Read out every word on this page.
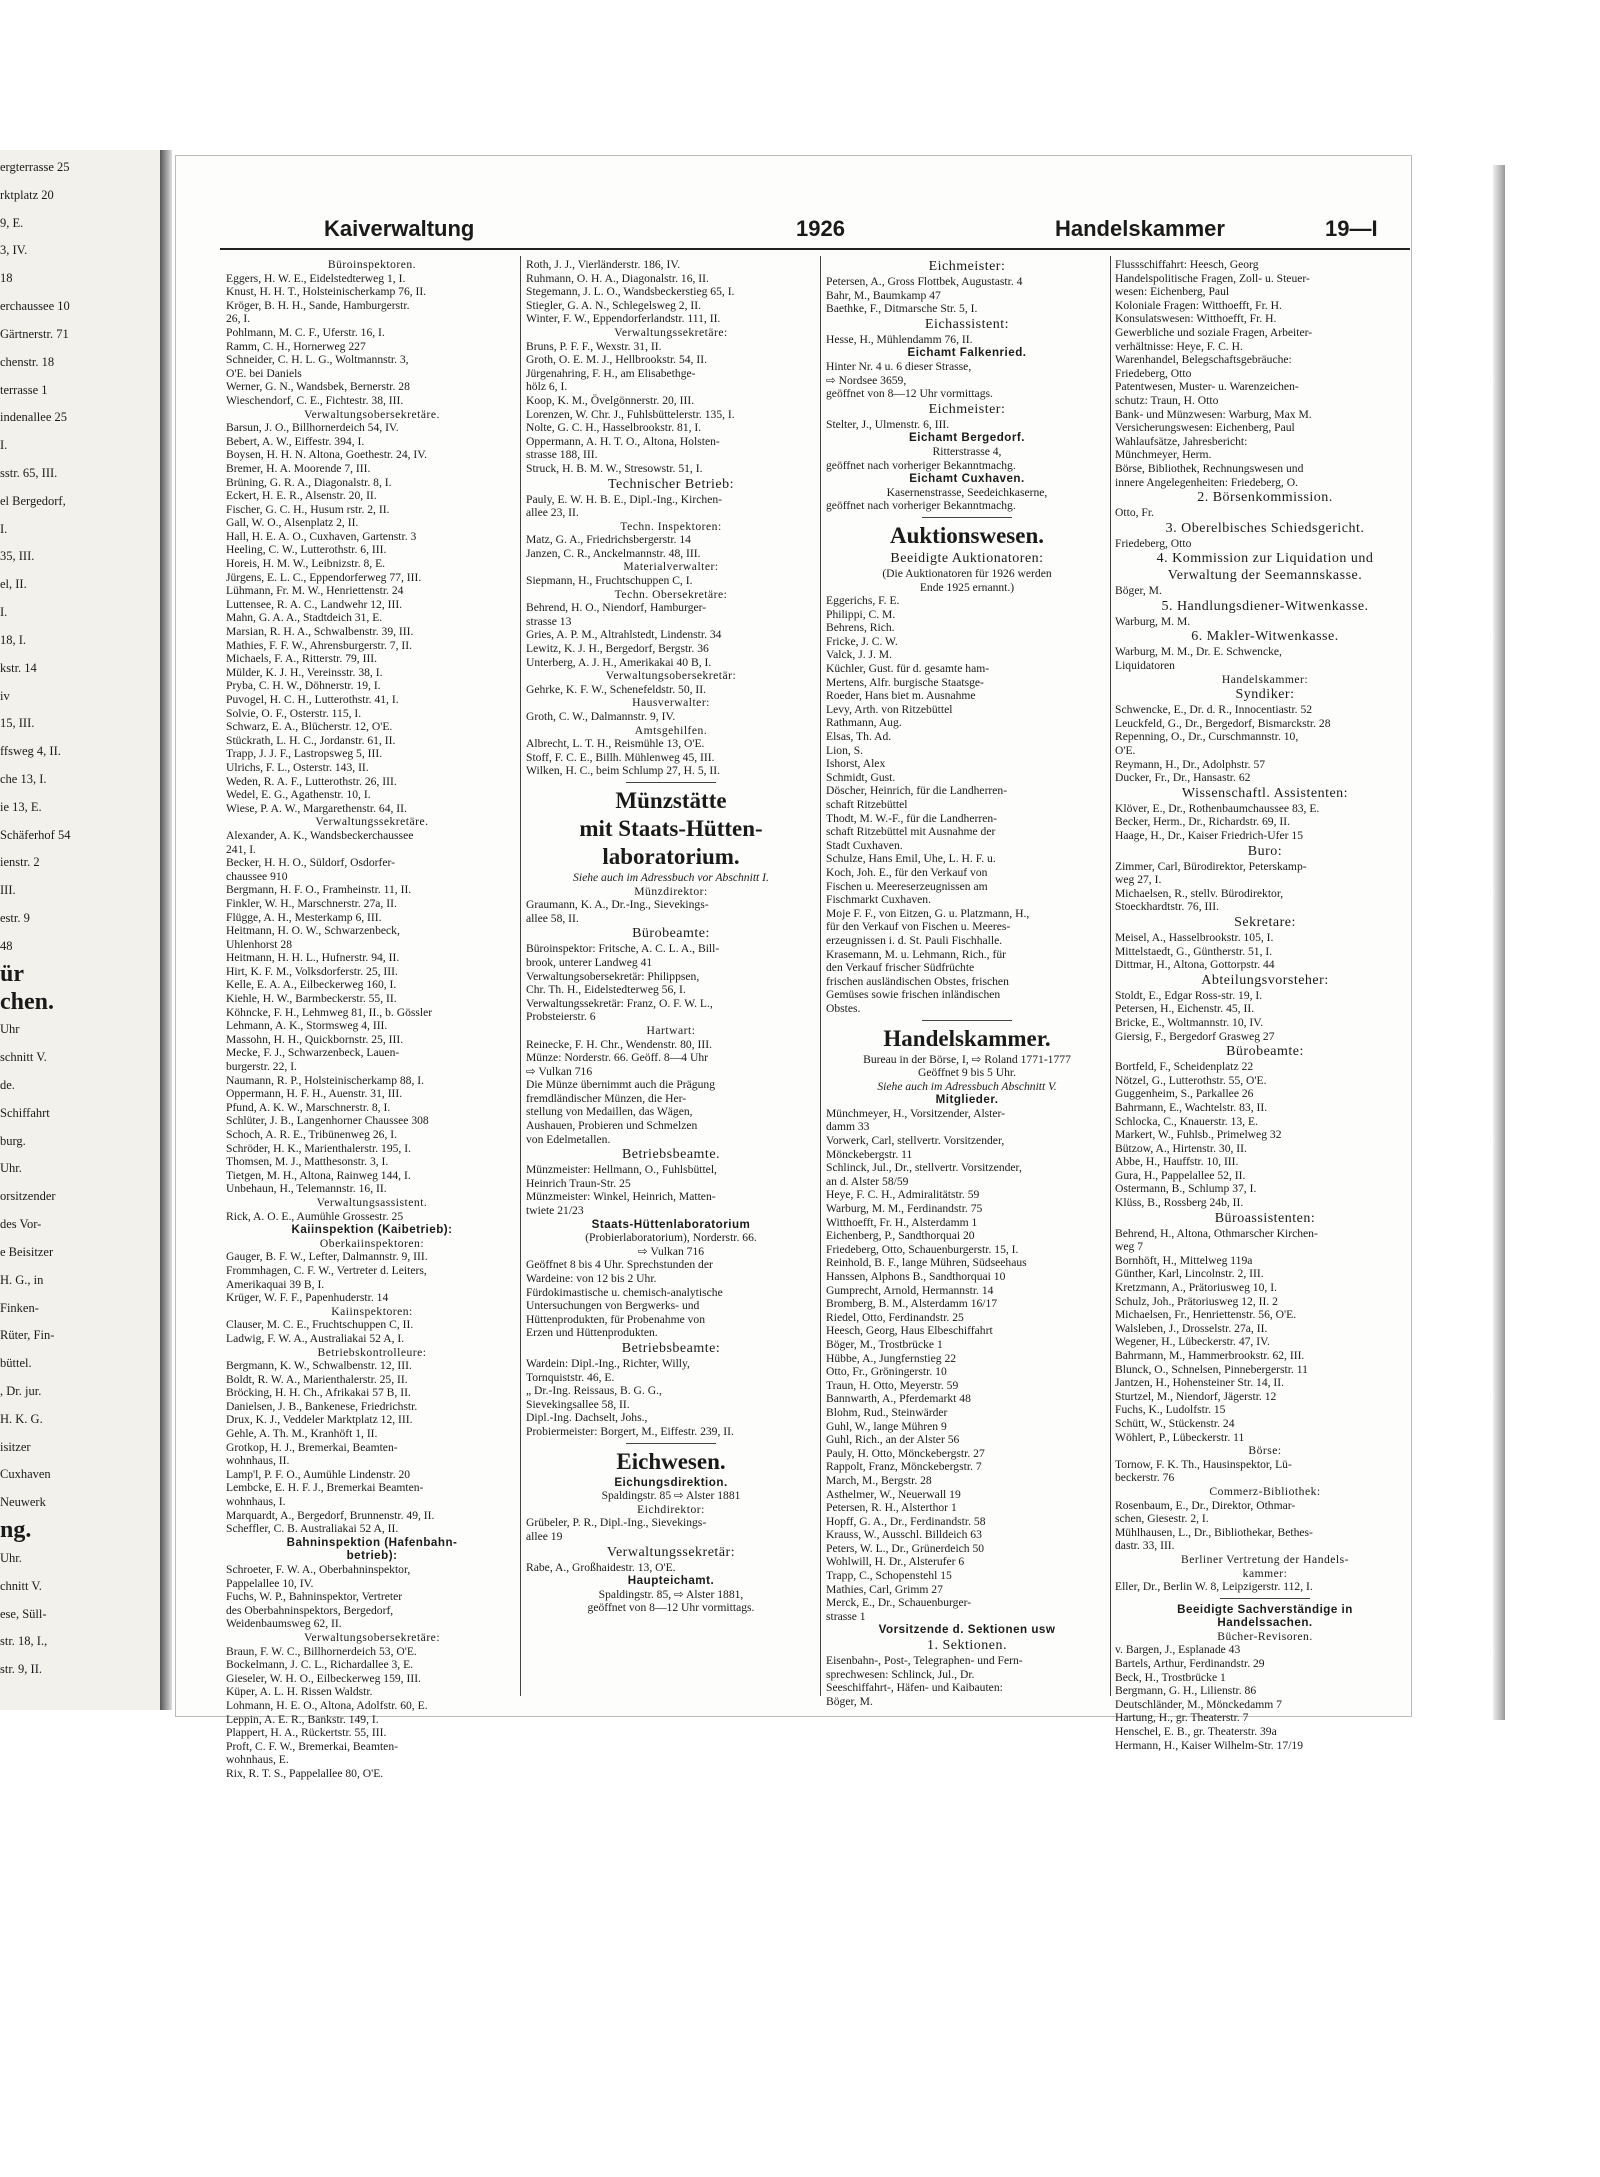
ergterrasse 25
rktplatz 20
9, E.
3, IV.
18
erchaussee 10
Gärtnerstr. 71
chenstr. 18
terrasse 1
indenallee 25
I.
sstr. 65, III.
el Bergedorf,
I.
35, III.
el, II.
I.
18, I.
kstr. 14
iv
15, III.
ffsweg 4, II.
che 13, I.
ie 13, E.
Schäferhof 54
ienstr. 2
III.
estr. 9
48
ür
chen.
Uhr
schnitt V.
de.
Schiffahrt
burg.
Uhr.
orsitzender
des Vor-
e Beisitzer
H. G., in
Finken-
Rüter, Fin-
büttel.
, Dr. jur.
H. K. G.
isitzer
Cuxhaven
Neuwerk
ng.
Uhr.
chnitt V.
ese, Süll-
str. 18, I.,
str. 9, II.
Kaiverwaltung	1926	Handelskammer	19—I
Büroinspektoren.
Eggers, H. W. E., Eidelstedterweg 1, I.
Knust, H. H. T., Holsteinischerkamp 76, II.
Kröger, B. H. H., Sande, Hamburgerstr.
26, I.
Pohlmann, M. C. F., Uferstr. 16, I.
Ramm, C. H., Hornerweg 227
Schneider, C. H. L. G., Woltmannstr. 3,
O'E. bei Daniels
Werner, G. N., Wandsbek, Bernerstr. 28
Wieschendorf, C. E., Fichtestr. 38, III.
Verwaltungsobersekretäre.
Barsun, J. O., Billhornerdeich 54, IV.
Bebert, A. W., Eiffestr. 394, I.
Boysen, H. H. N. Altona, Goethestr. 24, IV.
Bremer, H. A. Moorende 7, III.
Brüning, G. R. A., Diagonalstr. 8, I.
Eckert, H. E. R., Alsenstr. 20, II.
Fischer, G. C. H., Husum rstr. 2, II.
Gall, W. O., Alsenplatz 2, II.
Hall, H. E. A. O., Cuxhaven, Gartenstr. 3
Heeling, C. W., Lutterothstr. 6, III.
Horeis, H. M. W., Leibnizstr. 8, E.
Jürgens, E. L. C., Eppendorferweg 77, III.
Lühmann, Fr. M. W., Henriettenstr. 24
Luttensee, R. A. C., Landwehr 12, III.
Mahn, G. A. A., Stadtdeich 31, E.
Marsian, R. H. A., Schwalbenstr. 39, III.
Mathies, F. F. W., Ahrensburgerstr. 7, II.
Michaels, F. A., Ritterstr. 79, III.
Mülder, K. J. H., Vereinsstr. 38, I.
Pryba, C. H. W., Döhnerstr. 19, I.
Puvogel, H. C. H., Lutterothstr. 41, I.
Solvie, O. F., Osterstr. 115, I.
Schwarz, E. A., Blücherstr. 12, O'E.
Stückrath, L. H. C., Jordanstr. 61, II.
Trapp, J. J. F., Lastropsweg 5, III.
Ulrichs, F. L., Osterstr. 143, II.
Weden, R. A. F., Lutterothstr. 26, III.
Wedel, E. G., Agathenstr. 10, I.
Wiese, P. A. W., Margarethenstr. 64, II.
Verwaltungssekretäre.
Alexander, A. K., Wandsbeckerchaussee
241, I.
Becker, H. H. O., Süldorf, Osdorfer-
chaussee 910
Bergmann, H. F. O., Framheinstr. 11, II.
Finkler, W. H., Marschnerstr. 27a, II.
Flügge, A. H., Mesterkamp 6, III.
Heitmann, H. O. W., Schwarzenbeck,
Uhlenhorst 28
Heitmann, H. H. L., Hufnerstr. 94, II.
Hirt, K. F. M., Volksdorferstr. 25, III.
Kelle, E. A. A., Eilbeckerweg 160, I.
Kiehle, H. W., Barmbeckerstr. 55, II.
Köhncke, F. H., Lehmweg 81, II., b. Gössler
Lehmann, A. K., Stormsweg 4, III.
Massohn, H. H., Quickbornstr. 25, III.
Mecke, F. J., Schwarzenbeck, Lauen-
burgerstr. 22, I.
Naumann, R. P., Holsteinischerkamp 88, I.
Oppermann, H. F. H., Auenstr. 31, III.
Pfund, A. K. W., Marschnerstr. 8, I.
Schlüter, J. B., Langenhorner Chaussee 308
Schoch, A. R. E., Tribünenweg 26, I.
Schröder, H. K., Marienthalerstr. 195, I.
Thomsen, M. J., Matthesonstr. 3, I.
Tietgen, M. H., Altona, Rainweg 144, I.
Unbehaun, H., Telemannstr. 16, II.
Verwaltungsassistent.
Rick, A. O. E., Aumühle Grossestr. 25
Kaiinspektion (Kaibetrieb):
Oberkaiinspektoren:
Gauger, B. F. W., Lefter, Dalmannstr. 9, III.
Frommhagen, C. F. W., Vertreter d. Leiters,
Amerikaquai 39 B, I.
Krüger, W. F. F., Papenhuderstr. 14
Kaiinspektoren:
Clauser, M. C. E., Fruchtschuppen C, II.
Ladwig, F. W. A., Australiakai 52 A, I.
Betriebskontrolleure:
Bergmann, K. W., Schwalbenstr. 12, III.
Boldt, R. W. A., Marienthalerstr. 25, II.
Bröcking, H. H. Ch., Afrikakai 57 B, II.
Danielsen, J. B., Bankenese, Friedrichstr.
Drux, K. J., Veddeler Marktplatz 12, III.
Gehle, A. Th. M., Kranhöft 1, II.
Grotkop, H. J., Bremerkai, Beamten-
wohnhaus, II.
Lamp'l, P. F. O., Aumühle Lindenstr. 20
Lembcke, E. H. F. J., Bremerkai Beamten-
wohnhaus, I.
Marquardt, A., Bergedorf, Brunnenstr. 49, II.
Scheffler, C. B. Australiakai 52 A, II.
Bahninspektion (Hafenbahn-
betrieb):
Schroeter, F. W. A., Oberbahninspektor,
Pappelallee 10, IV.
Fuchs, W. P., Bahninspektor, Vertreter
des Oberbahninspektors, Bergedorf,
Weidenbaumsweg 62, II.
Verwaltungsobersekretäre:
Braun, F. W. C., Billhornerdeich 53, O'E.
Bockelmann, J. C. L., Richardallee 3, E.
Gieseler, W. H. O., Eilbeckerweg 159, III.
Küper, A. L. H. Rissen Waldstr.
Lohmann, H. E. O., Altona, Adolfstr. 60, E.
Leppin, A. E. R., Bankstr. 149, I.
Plappert, H. A., Rückertstr. 55, III.
Proft, C. F. W., Bremerkai, Beamten-
wohnhaus, E.
Rix, R. T. S., Pappelallee 80, O'E.
Roth, J. J., Vierländerstr. 186, IV.
Ruhmann, O. H. A., Diagonalstr. 16, II.
Stegemann, J. L. O., Wandsbeckerstieg 65, I.
Stiegler, G. A. N., Schlegelsweg 2, II.
Winter, F. W., Eppendorferlandstr. 111, II.
Verwaltungssekretäre:
Bruns, P. F. F., Wexstr. 31, II.
Groth, O. E. M. J., Hellbrookstr. 54, II.
Jürgenahring, F. H., am Elisabethge-
hölz 6, I.
Koop, K. M., Övelgönnerstr. 20, III.
Lorenzen, W. Chr. J., Fuhlsbüttelerstr. 135, I.
Nolte, G. C. H., Hasselbrookstr. 81, I.
Oppermann, A. H. T. O., Altona, Holsten-
strasse 188, III.
Struck, H. B. M. W., Stresowstr. 51, I.
Technischer Betrieb:
Pauly, E. W. H. B. E., Dipl.-Ing., Kirchen-
allee 23, II.
Techn. Inspektoren:
Matz, G. A., Friedrichsbergerstr. 14
Janzen, C. R., Anckelmannstr. 48, III.
Materialverwalter:
Siepmann, H., Fruchtschuppen C, I.
Techn. Obersekretäre:
Behrend, H. O., Niendorf, Hamburger-
strasse 13
Gries, A. P. M., Altrahlstedt, Lindenstr. 34
Lewitz, K. J. H., Bergedorf, Bergstr. 36
Unterberg, A. J. H., Amerikakai 40 B, I.
Verwaltungsobersekretär:
Gehrke, K. F. W., Schenefeldstr. 50, II.
Hausverwalter:
Groth, C. W., Dalmannstr. 9, IV.
Amtsgehilfen.
Albrecht, L. T. H., Reismühle 13, O'E.
Stoff, F. C. E., Billh. Mühlenweg 45, III.
Wilken, H. C., beim Schlump 27, H. 5, II.
Münzstätte
mit Staats-Hütten-
laboratorium.
Siehe auch im Adressbuch vor Abschnitt I.
Münzdirektor:
Graumann, K. A., Dr.-Ing., Sievekings-
allee 58, II.
Bürobeamte:
Büroinspektor: Fritsche, A. C. L. A., Bill-
brook, unterer Landweg 41
Verwaltungsobersekretär: Philippsen,
Chr. Th. H., Eidelstedterweg 56, I.
Verwaltungssekretär: Franz, O. F. W. L.,
Probsteierstr. 6
Hartwart:
Reinecke, F. H. Chr., Wendenstr. 80, III.
Münze: Norderstr. 66. Geöff. 8—4 Uhr
⇨ Vulkan 716
Die Münze übernimmt auch die Prägung
fremdländischer Münzen, die Her-
stellung von Medaillen, das Wägen,
Aushauen, Probieren und Schmelzen
von Edelmetallen.
Betriebsbeamte.
Münzmeister: Hellmann, O., Fuhlsbüttel,
Heinrich Traun-Str. 25
Münzmeister: Winkel, Heinrich, Matten-
twiete 21/23
Staats-Hüttenlaboratorium
(Probierlaboratorium), Norderstr. 66.
⇨ Vulkan 716
Geöffnet 8 bis 4 Uhr. Sprechstunden der
Wardeine: von 12 bis 2 Uhr.
Fürdokimastische u. chemisch-analytische
Untersuchungen von Bergwerks- und
Hüttenprodukten, für Probenahme von
Erzen und Hüttenprodukten.
Betriebsbeamte:
Wardein: Dipl.-Ing., Richter, Willy,
Tornquiststr. 46, E.
„ Dr.-Ing. Reissaus, B. G. G.,
Sievekingsallee 58, II.
Dipl.-Ing. Dachselt, Johs.,
Probiermeister: Borgert, M., Eiffestr. 239, II.
Eichwesen.
Eichungsdirektion.
Spaldingstr. 85 ⇨ Alster 1881
Eichdirektor:
Grübeler, P. R., Dipl.-Ing., Sievekings-
allee 19
Verwaltungssekretär:
Rabe, A., Großhaidestr. 13, O'E.
Haupteichamt.
Spaldingstr. 85, ⇨ Alster 1881,
geöffnet von 8—12 Uhr vormittags.
Eichmeister:
Petersen, A., Gross Flottbek, Augustastr. 4
Bahr, M., Baumkamp 47
Baethke, F., Ditmarsche Str. 5, I.
Eichassistent:
Hesse, H., Mühlendamm 76, II.
Eichamt Falkenried.
Hinter Nr. 4 u. 6 dieser Strasse,
⇨ Nordsee 3659,
geöffnet von 8—12 Uhr vormittags.
Eichmeister:
Stelter, J., Ulmenstr. 6, III.
Eichamt Bergedorf.
Ritterstrasse 4,
geöffnet nach vorheriger Bekanntmachg.
Eichamt Cuxhaven.
Kasernenstrasse, Seedeichkaserne,
geöffnet nach vorheriger Bekanntmachg.
Auktionswesen.
Beeidigte Auktionatoren:
(Die Auktionatoren für 1926 werden
Ende 1925 ernannt.)
Eggerichs, F. E.
Philippi, C. M.
Behrens, Rich.
Fricke, J. C. W.
Valck, J. J. M.
Küchler, Gust. für d. gesamte ham-
Mertens, Alfr. burgische Staatsge-
Roeder, Hans biet m. Ausnahme
Levy, Arth. von Ritzebüttel
Rathmann, Aug.
Elsas, Th. Ad.
Lion, S.
Ishorst, Alex
Schmidt, Gust.
Döscher, Heinrich, für die Landherren-
schaft Ritzebüttel
Thodt, M. W.-F., für die Landherren-
schaft Ritzebüttel mit Ausnahme der
Stadt Cuxhaven.
Schulze, Hans Emil, Uhe, L. H. F. u.
Koch, Joh. E., für den Verkauf von
Fischen u. Meereserzeugnissen am
Fischmarkt Cuxhaven.
Moje F. F., von Eitzen, G. u. Platzmann, H.,
für den Verkauf von Fischen u. Meeres-
erzeugnissen i. d. St. Pauli Fischhalle.
Krasemann, M. u. Lehmann, Rich., für
den Verkauf frischer Südfrüchte
frischen ausländischen Obstes, frischen
Gemüses sowie frischen inländischen
Obstes.
Handelskammer.
Bureau in der Börse, I, ⇨ Roland 1771-1777
Geöffnet 9 bis 5 Uhr.
Siehe auch im Adressbuch Abschnitt V.
Mitglieder.
Münchmeyer, H., Vorsitzender, Alster-
damm 33
Vorwerk, Carl, stellvertr. Vorsitzender,
Mönckebergstr. 11
Schlinck, Jul., Dr., stellvertr. Vorsitzender,
an d. Alster 58/59
Heye, F. C. H., Admiralitätstr. 59
Warburg, M. M., Ferdinandstr. 75
Witthoefft, Fr. H., Alsterdamm 1
Eichenberg, P., Sandthorquai 20
Friedeberg, Otto, Schauenburgerstr. 15, I.
Reinhold, B. F., lange Mühren, Südseehaus
Hanssen, Alphons B., Sandthorquai 10
Gumprecht, Arnold, Hermannstr. 14
Bromberg, B. M., Alsterdamm 16/17
Riedel, Otto, Ferdinandstr. 25
Heesch, Georg, Haus Elbeschiffahrt
Böger, M., Trostbrücke 1
Hübbe, A., Jungfernstieg 22
Otto, Fr., Gröningerstr. 10
Traun, H. Otto, Meyerstr. 59
Bannwarth, A., Pferdemarkt 48
Blohm, Rud., Steinwärder
Guhl, W., lange Mühren 9
Guhl, Rich., an der Alster 56
Pauly, H. Otto, Mönckebergstr. 27
Rappolt, Franz, Mönckebergstr. 7
March, M., Bergstr. 28
Asthelmer, W., Neuerwall 19
Petersen, R. H., Alsterthor 1
Hopff, G. A., Dr., Ferdinandstr. 58
Krauss, W., Ausschl. Billdeich 63
Peters, W. L., Dr., Grünerdeich 50
Wohlwill, H. Dr., Alsterufer 6
Trapp, C., Schopenstehl 15
Mathies, Carl, Grimm 27
Merck, E., Dr., Schauenburger-
strasse 1
Vorsitzende d. Sektionen usw
1. Sektionen.
Eisenbahn-, Post-, Telegraphen- und Fern-
sprechwesen: Schlinck, Jul., Dr.
Seeschiffahrt-, Häfen- und Kaibauten:
Böger, M.
Flussschiffahrt: Heesch, Georg
Handelspolitische Fragen, Zoll- u. Steuer-
wesen: Eichenberg, Paul
Koloniale Fragen: Witthoefft, Fr. H.
Konsulatswesen: Witthoefft, Fr. H.
Gewerbliche und soziale Fragen, Arbeiter-
verhältnisse: Heye, F. C. H.
Warenhandel, Belegschaftsgebräuche:
Friedeberg, Otto
Patentwesen, Muster- u. Warenzeichen-
schutz: Traun, H. Otto
Bank- und Münzwesen: Warburg, Max M.
Versicherungswesen: Eichenberg, Paul
Wahlaufsätze, Jahresbericht:
Münchmeyer, Herm.
Börse, Bibliothek, Rechnungswesen und
innere Angelegenheiten: Friedeberg, O.
2. Börsenkommission.
Otto, Fr.
3. Oberelbisches Schiedsgericht.
Friedeberg, Otto
4. Kommission zur Liquidation und
Verwaltung der Seemannskasse.
Böger, M.
5. Handlungsdiener-Witwenkasse.
Warburg, M. M.
6. Makler-Witwenkasse.
Warburg, M. M., Dr. E. Schwencke,
Liquidatoren
Handelskammer:
Syndiker:
Schwencke, E., Dr. d. R., Innocentiastr. 52
Leuckfeld, G., Dr., Bergedorf, Bismarckstr. 28
Repenning, O., Dr., Curschmannstr. 10,
O'E.
Reymann, H., Dr., Adolphstr. 57
Ducker, Fr., Dr., Hansastr. 62
Wissenschaftl. Assistenten:
Klöver, E., Dr., Rothenbaumchaussee 83, E.
Becker, Herm., Dr., Richardstr. 69, II.
Haage, H., Dr., Kaiser Friedrich-Ufer 15
Buro:
Zimmer, Carl, Bürodirektor, Peterskamp-
weg 27, I.
Michaelsen, R., stellv. Bürodirektor,
Stoeckhardtstr. 76, III.
Sekretare:
Meisel, A., Hasselbrookstr. 105, I.
Mittelstaedt, G., Güntherstr. 51, I.
Dittmar, H., Altona, Gottorpstr. 44
Abteilungsvorsteher:
Stoldt, E., Edgar Ross-str. 19, I.
Petersen, H., Eichenstr. 45, II.
Bricke, E., Woltmannstr. 10, IV.
Giersig, F., Bergedorf Grasweg 27
Bürobeamte:
Bortfeld, F., Scheidenplatz 22
Nötzel, G., Lutterothstr. 55, O'E.
Guggenheim, S., Parkallee 26
Bahrmann, E., Wachtelstr. 83, II.
Schlocka, C., Knauerstr. 13, E.
Markert, W., Fuhlsb., Primelweg 32
Bützow, A., Hirtenstr. 30, II.
Abbe, H., Hauffstr. 10, III.
Gura, H., Pappelallee 52, II.
Ostermann, B., Schlump 37, I.
Klüss, B., Rossberg 24b, II.
Büroassistenten:
Behrend, H., Altona, Othmarscher Kirchen-
weg 7
Bornhöft, H., Mittelweg 119a
Günther, Karl, Lincolnstr. 2, III.
Kretzmann, A., Prätoriusweg 10, I.
Schulz, Joh., Prätoriusweg 12, II. 2
Michaelsen, Fr., Henriettenstr. 56, O'E.
Walsleben, J., Drosselstr. 27a, II.
Wegener, H., Lübeckerstr. 47, IV.
Bahrmann, M., Hammerbrookstr. 62, III.
Blunck, O., Schnelsen, Pinnebergerstr. 11
Jantzen, H., Hohensteiner Str. 14, II.
Sturtzel, M., Niendorf, Jägerstr. 12
Fuchs, K., Ludolfstr. 15
Schütt, W., Stückenstr. 24
Wöhlert, P., Lübeckerstr. 11
Börse:
Tornow, F. K. Th., Hausinspektor, Lü-
beckerstr. 76
Commerz-Bibliothek:
Rosenbaum, E., Dr., Direktor, Othmar-
schen, Giesestr. 2, I.
Mühlhausen, L., Dr., Bibliothekar, Bethes-
dastr. 33, III.
Berliner Vertretung der Handels-
kammer:
Eller, Dr., Berlin W. 8, Leipzigerstr. 112, I.
Beeidigte Sachverständige in
Handelssachen.
Bücher-Revisoren.
v. Bargen, J., Esplanade 43
Bartels, Arthur, Ferdinandstr. 29
Beck, H., Trostbrücke 1
Bergmann, G. H., Lilienstr. 86
Deutschländer, M., Mönckedamm 7
Hartung, H., gr. Theaterstr. 7
Henschel, E. B., gr. Theaterstr. 39a
Hermann, H., Kaiser Wilhelm-Str. 17/19
